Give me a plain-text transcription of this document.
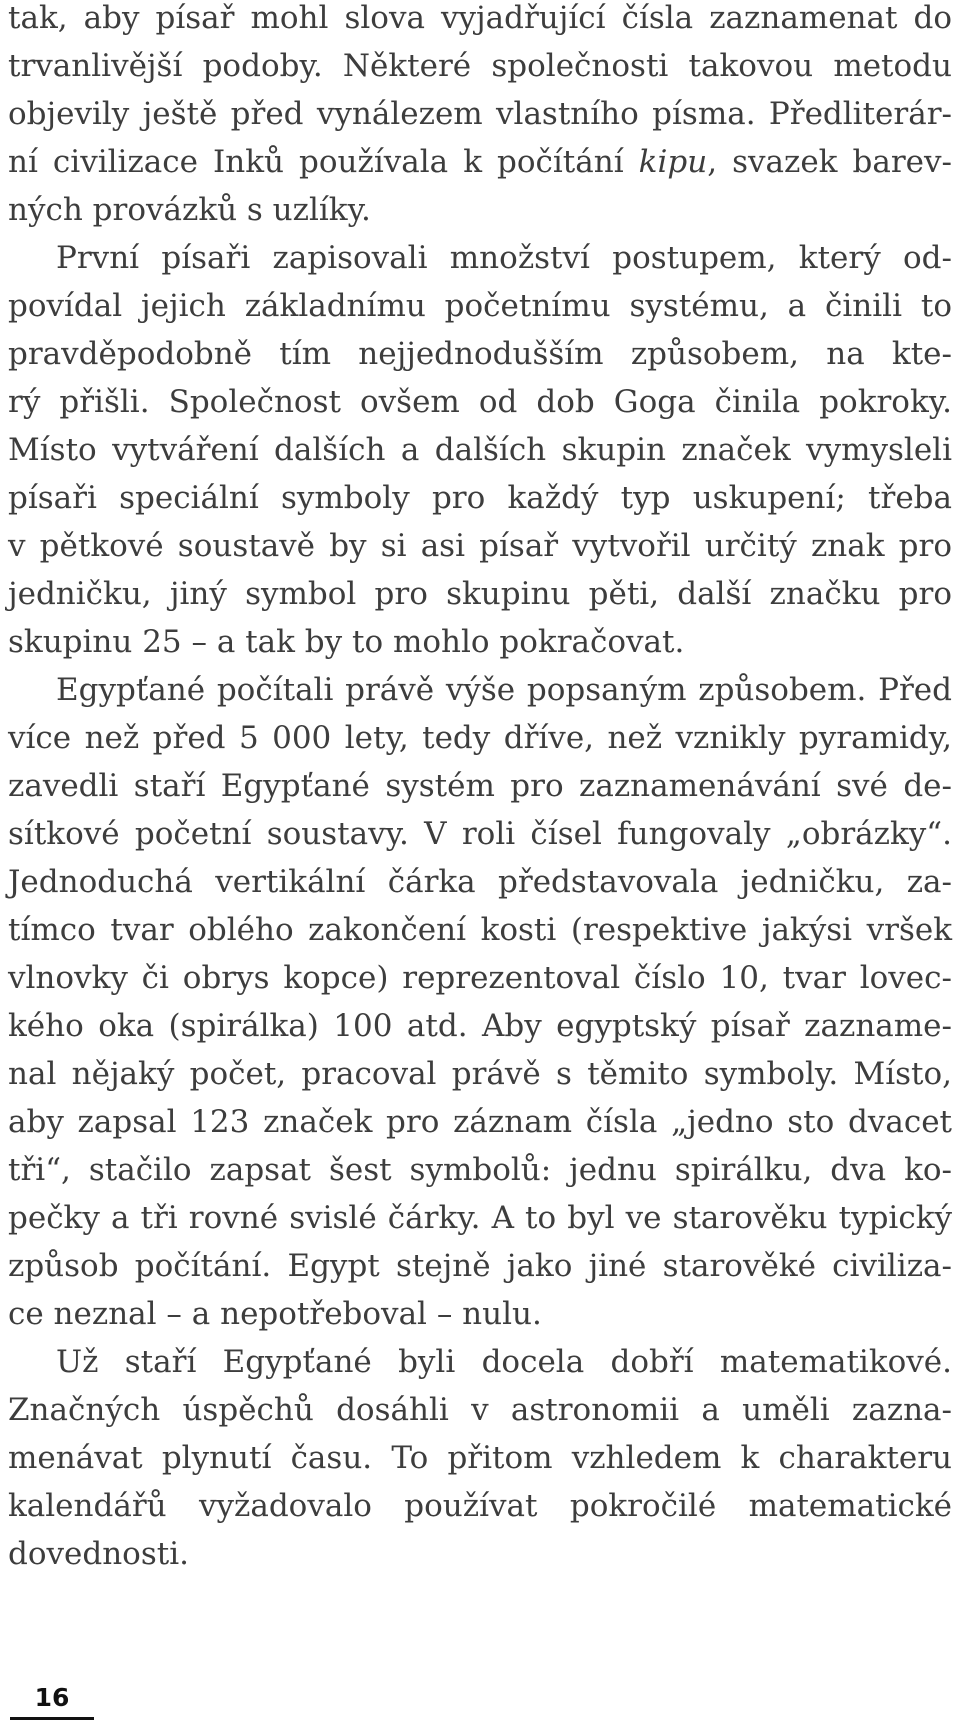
tak, aby písař mohl slova vyjadřující čísla zaznamenat do
trvanlivější podoby. Některé společnosti takovou metodu
objevily ještě před vynálezem vlastního písma. Předliterár-
ní civilizace Inků používala k počítání kipu, svazek barev-
ných provázků s uzlíky.
První písaři zapisovali množství postupem, který od-
povídal jejich základnímu početnímu systému, a činili to
pravděpodobně tím nejjednodušším způsobem, na kte-
rý přišli. Společnost ovšem od dob Goga činila pokroky.
Místo vytváření dalších a dalších skupin značek vymysleli
písaři speciální symboly pro každý typ uskupení; třeba
v pětkové soustavě by si asi písař vytvořil určitý znak pro
jedničku, jiný symbol pro skupinu pěti, další značku pro
skupinu 25 – a tak by to mohlo pokračovat.
Egypťané počítali právě výše popsaným způsobem. Před
více než před 5 000 lety, tedy dříve, než vznikly pyramidy,
zavedli staří Egypťané systém pro zaznamenávání své de-
sítkové početní soustavy. V roli čísel fungovaly „obrázky“.
Jednoduchá vertikální čárka představovala jedničku, za-
tímco tvar oblého zakončení kosti (respektive jakýsi vršek
vlnovky či obrys kopce) reprezentoval číslo 10, tvar lovec-
kého oka (spirálka) 100 atd. Aby egyptský písař zazname-
nal nějaký počet, pracoval právě s těmito symboly. Místo,
aby zapsal 123 značek pro záznam čísla „jedno sto dvacet
tři“, stačilo zapsat šest symbolů: jednu spirálku, dva ko-
pečky a tři rovné svislé čárky. A to byl ve starověku typický
způsob počítání. Egypt stejně jako jiné starověké civiliza-
ce neznal – a nepotřeboval – nulu.
Už staří Egypťané byli docela dobří matematikové.
Značných úspěchů dosáhli v astronomii a uměli zazna-
menávat plynutí času. To přitom vzhledem k charakteru
kalendářů vyžadovalo používat pokročilé matematické
dovednosti.
16
